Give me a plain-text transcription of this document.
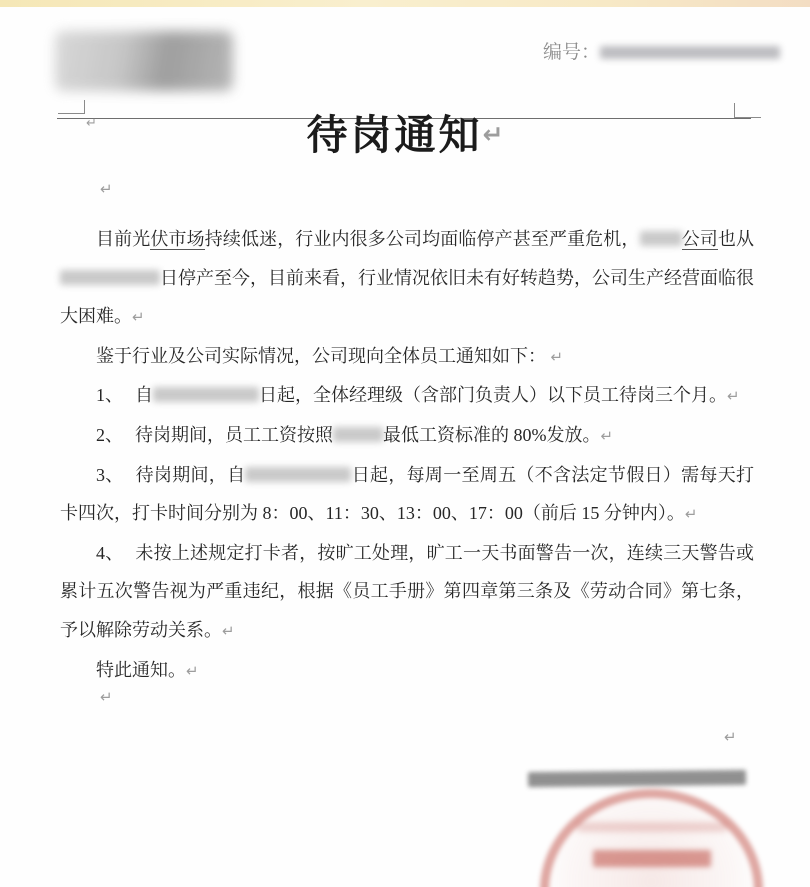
编号：
↵	待岗通知↵
↵

目前光伏市场持续低迷，行业内很多公司均面临停产甚至严重危机， 公司也从日停产至今，目前来看，行业情况依旧未有好转趋势，公司生产经营面临很大困难。↵

鉴于行业及公司实际情况，公司现向全体员工通知如下： ↵

1、 自	日起，全体经理级（含部门负责人）以下员工待岗三个月。↵

2、 待岗期间，员工工资按照	最低工资标准的 80%发放。↵

3、 待岗期间，自	日起，每周一至周五（不含法定节假日）需每天打卡四次，打卡时间分别为 8：00、11：30、13：00、17：00（前后 15 分钟内）。↵

4、 未按上述规定打卡者，按旷工处理，旷工一天书面警告一次，连续三天警告或累计五次警告视为严重违纪，根据《员工手册》第四章第三条及《劳动合同》第七条，予以解除劳动关系。↵

特此通知。↵

↵
↵
